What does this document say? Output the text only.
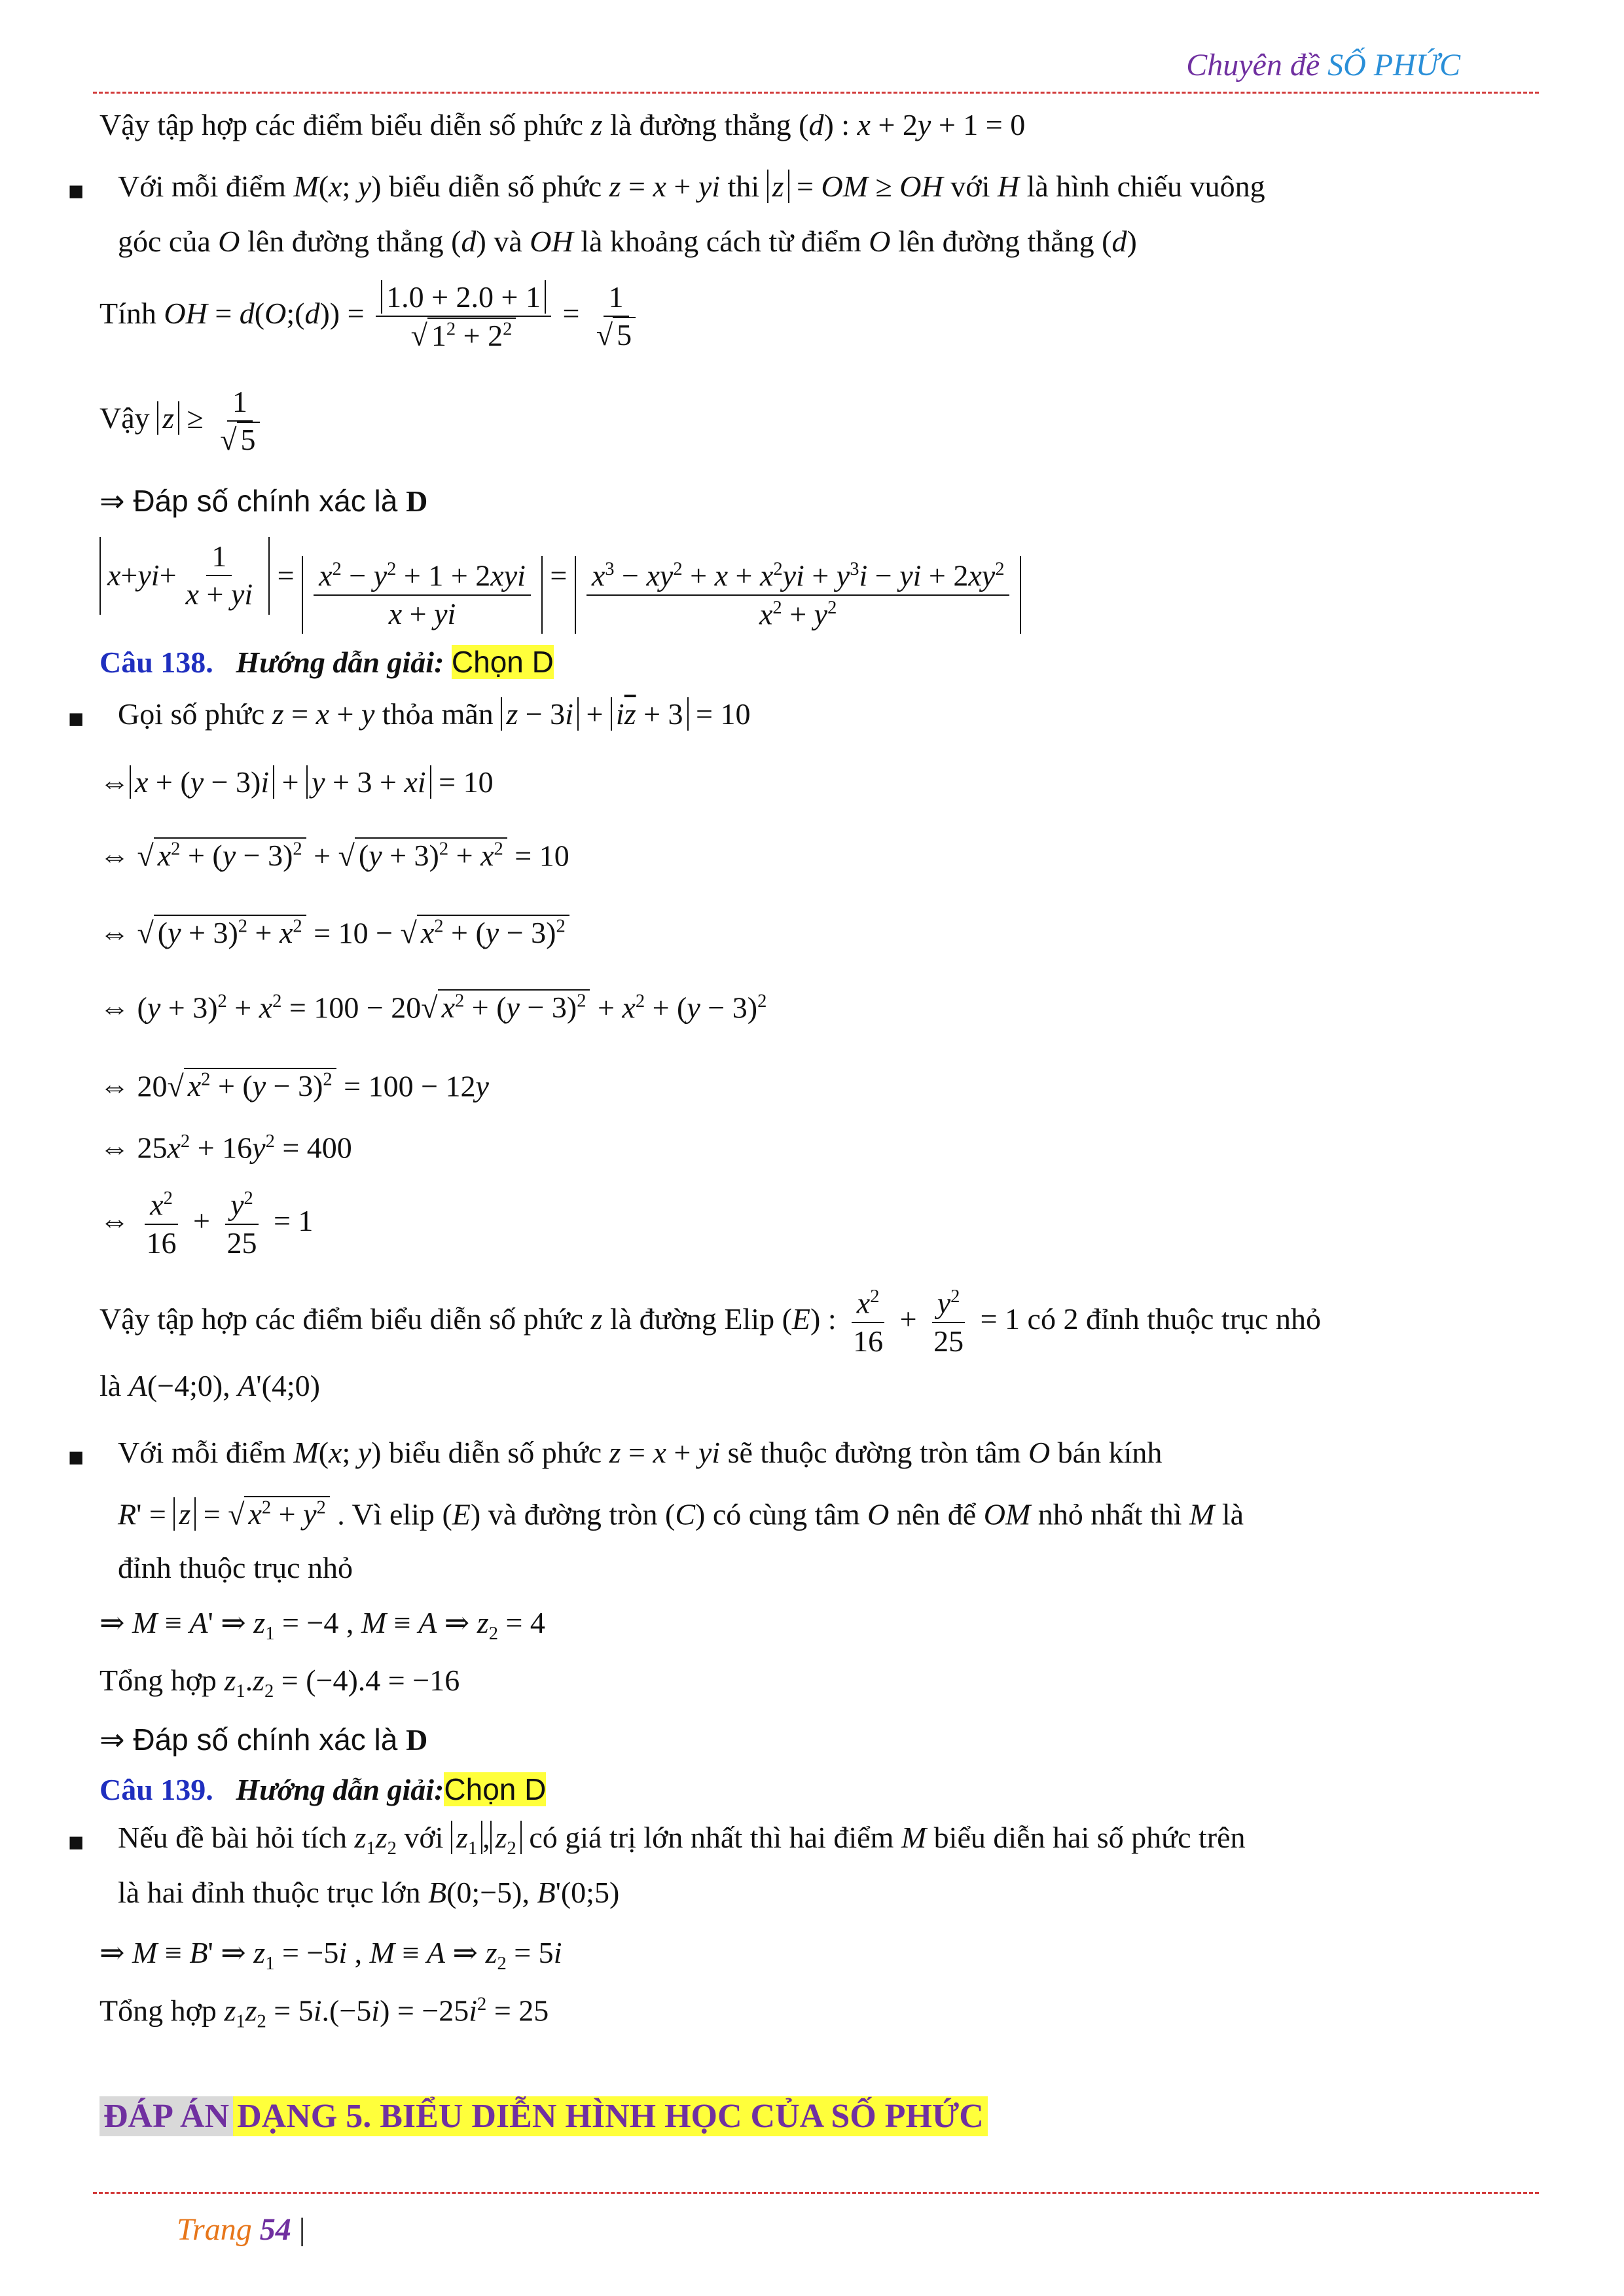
Chuyên đề SỐ PHỨC
Vậy tập hợp các điểm biểu diễn số phức z là đường thẳng (d) : x + 2y + 1 = 0
■ Với mỗi điểm M(x; y) biểu diễn số phức z = x + yi thi z = OM ≥ OH với H là hình chiếu vuông
góc của O lên đường thẳng (d) và OH là khoảng cách từ điểm O lên đường thẳng (d)
Tính OH = d(O;(d)) = $\frac{1.0 + 2.0 + 1}{√ 1^2 + 2^2} = \frac{1}{√ 5}$
Vậy $z \ge \frac{1}{√ 5}$
⇒ Đáp số chính xác là D
x + yi + $\frac{1}{x + yi} = \frac{x^2 - y^2 + 1 + 2xyi}{x + yi} = \frac{x^3 - xy^2 + x + x^2yi + y^3i - yi + 2xy^2}{x^2 + y^2}$
Câu 138. Hướng dẫn giải: Chọn D
■ Gọi số phức z = x + y thỏa mãn $z - 3i + i\overline{z} + 3 = 10$
⇔ x + (y − 3)i + y + 3 + xi = 10
⇔ √ $x^2 + (y - 3)^2$ + √ $(y + 3)^2 + x^2 = 10$
⇔ √ $(y + 3)^2 + x^2 = 10$ − √ $x^2 + (y - 3)^2$
⇔ $(y + 3)^2 + x^2 = 100 - 20√$ $x^2 + (y - 3)^2 + x^2 + (y - 3)^2$
⇔ 20√ $x^2 + (y - 3)^2 = 100 - 12y$
⇔ $25x^2 + 16y^2 = 400$
⇔ $\frac{x^2}{16} + \frac{y^2}{25} = 1$
Vậy tập hợp các điểm biểu diễn số phức z là đường Elip (E) : $\frac{x^2}{16} + \frac{y^2}{25} = 1$ có 2 đỉnh thuộc trục nhỏ
là A(−4;0), A'(4;0)
■ Với mỗi điểm M(x; y) biểu diễn số phức z = x + yi sẽ thuộc đường tròn tâm O bán kính
R' = z = √ $x^2 + y^2$ . Vì elip (E) và đường tròn (C) có cùng tâm O nên để OM nhỏ nhất thì M là
đỉnh thuộc trục nhỏ
⇒ M ≡ A' ⇒ $z_1 = -4$ , M ≡ A ⇒ $z_2 = 4$
Tổng hợp $z_1.z_2 = (-4).4 = -16$
⇒ Đáp số chính xác là D
Câu 139. Hướng dẫn giải:Chọn D
■ Nếu đề bài hỏi tích $z_1z_2$ với $z_1$ , $z_2$ có giá trị lớn nhất thì hai điểm M biểu diễn hai số phức trên
là hai đỉnh thuộc trục lớn B(0;−5), B'(0;5)
⇒ M ≡ B' ⇒ $z_1 = -5i$ , M ≡ A ⇒ $z_2 = 5i$
Tổng hợp $z_1z_2 = 5i.(-5i) = -25i^2 = 25$
ĐÁP ÁN DẠNG 5. BIỂU DIỄN HÌNH HỌC CỦA SỐ PHỨC
Trang 54 |
